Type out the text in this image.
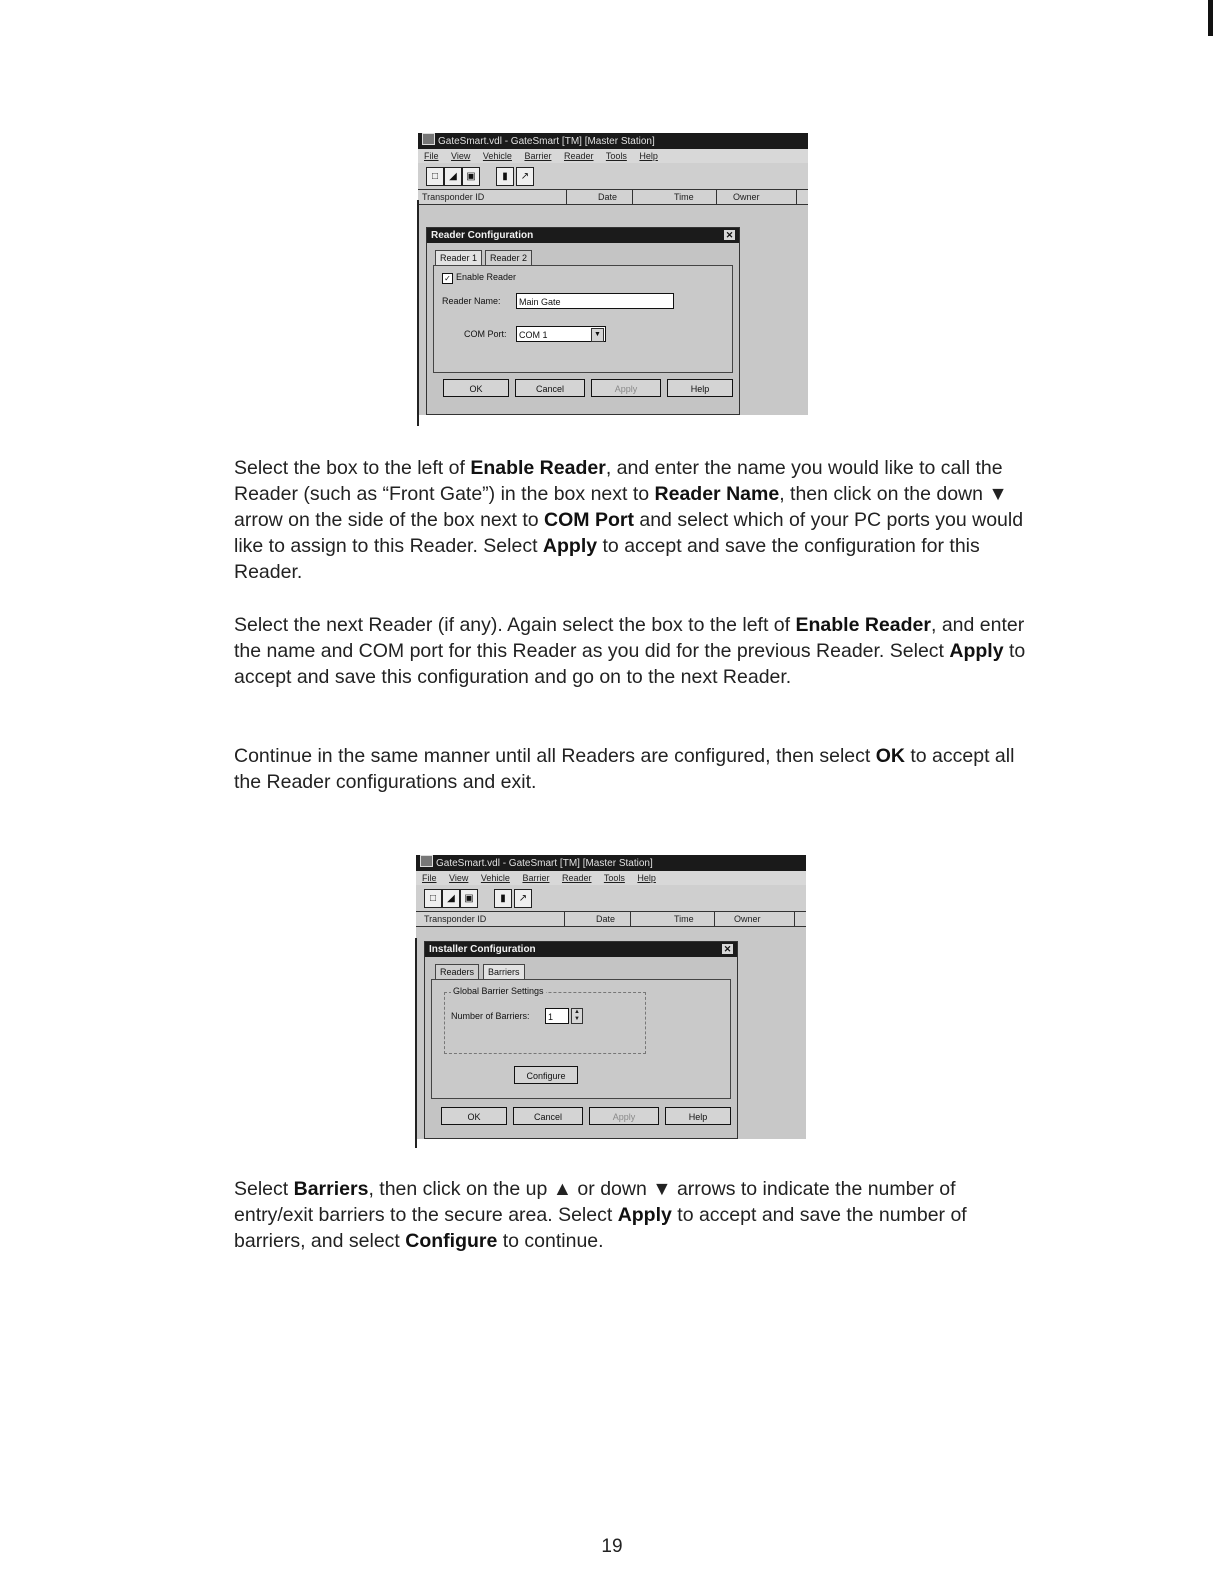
GateSmart.vdl - GateSmart [TM] [Master Station]
File View Vehicle Barrier Reader Tools Help
□	◢ ▣	▮	↗
Transponder ID	Date	Time	Owner
Reader Configuration	✕
Reader 1	Reader 2
✓ Enable Reader
Reader Name:	Main Gate
COM Port:	COM 1	▼
OK	Cancel	Apply	Help

Select the box to the left of Enable Reader, and enter the name you would like to call the Reader (such as “Front Gate”) in the box next to Reader Name, then click on the down ▼ arrow on the side of the box next to COM Port and select which of your PC ports you would like to assign to this Reader. Select Apply to accept and save the configuration for this Reader.

Select the next Reader (if any). Again select the box to the left of Enable Reader, and enter the name and COM port for this Reader as you did for the previous Reader. Select Apply to accept and save this configuration and go on to the next Reader.

Continue in the same manner until all Readers are configured, then select OK to accept all the Reader configurations and exit.

GateSmart.vdl - GateSmart [TM] [Master Station]
File View Vehicle Barrier Reader Tools Help
□	◢ ▣	▮	↗
Transponder ID	Date	Time	Owner
Installer Configuration	✕
Readers	Barriers
Global Barrier Settings
Number of Barriers:	1	▲
▼
Configure
OK	Cancel	Apply	Help

Select Barriers, then click on the up ▲ or down ▼ arrows to indicate the number of entry/exit barriers to the secure area. Select Apply to accept and save the number of barriers, and select Configure to continue.

19
